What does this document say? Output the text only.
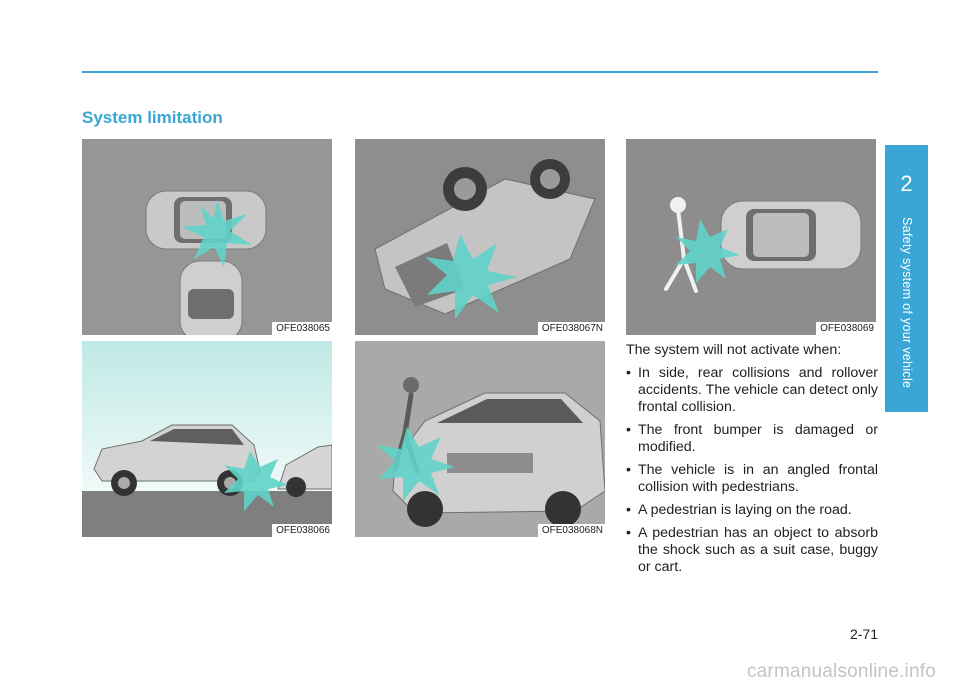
System limitation
OFE038065	OFE038067N	OFE038069
OFE038066	OFE038068N

The system will not activate when:

• In side, rear collisions and rollover accidents. The vehicle can detect only frontal collision.
• The front bumper is damaged or modified.
• The vehicle is in an angled frontal collision with pedestrians.
• A pedestrian is laying on the road.
• A pedestrian has an object to absorb the shock such as a suit case, buggy or cart.
2
Safety system of your vehicle
2-71
carmanualsonline.info
